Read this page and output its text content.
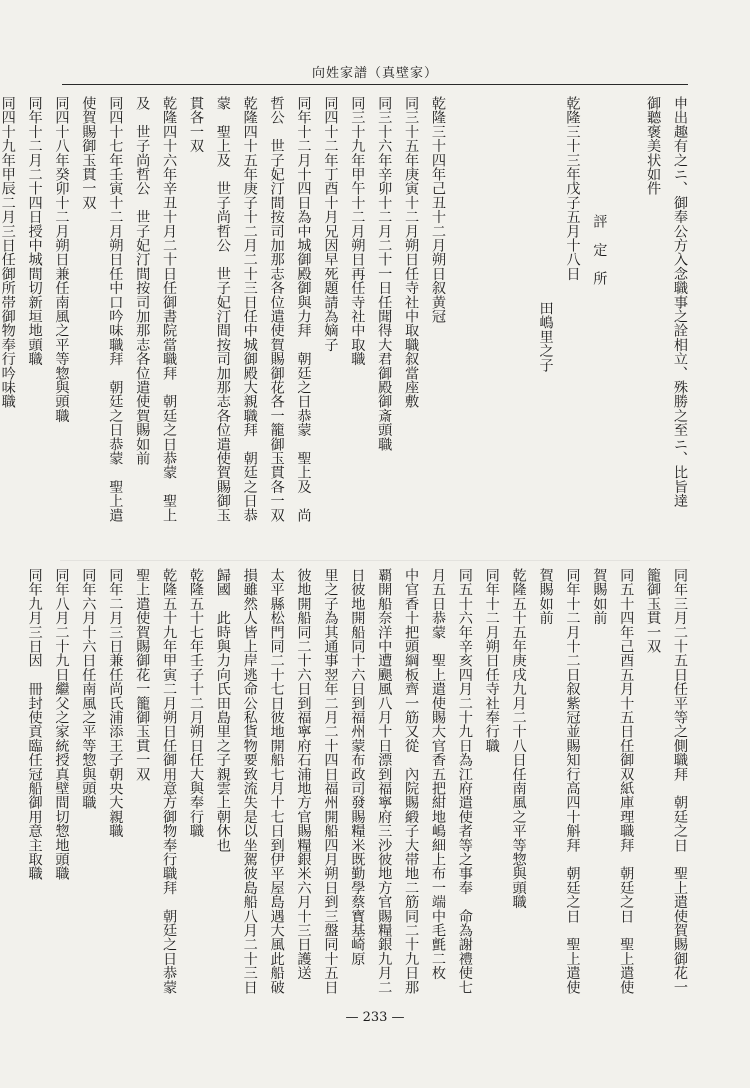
向姓家譜（真壁家）
申出趣有之ニ、御奉公方入念職事之詮相立、殊勝之至ニ、比旨達
御聽褒美状如件
評　定　所
乾隆三十三年戊子五月十八日
田嶋里之子
乾隆三十四年己丑十二月朔日叙黄冠
同三十五年庚寅十二月朔日任寺社中取職叙當座敷
同三十六年辛卯十二月二十一日任聞得大君御殿御斎頭職
同三十九年甲午十二月朔日再任寺社中取職
同四十二年丁酉十月兄因早死題請為嫡子
同年十二月十四日為中城御殿御與力拜　朝廷之日恭蒙　聖上及　尚
哲公　世子妃汀間按司加那志各位遣使賀賜御花各一籠御玉貫各一双
乾隆四十五年庚子十二月二十三日任中城御殿大親職拜　朝廷之日恭
蒙　聖上及　世子尚哲公　世子妃汀間按司加那志各位遣使賀賜御玉
貫各一双
乾隆四十六年辛丑十月二十日任御書院當職拜　朝廷之日恭蒙　聖上
及　世子尚哲公　世子妃汀間按司加那志各位遣使賀賜如前
同四十七年壬寅十二月朔日任中口吟味職拜　朝廷之日恭蒙　聖上遣
使賀賜御玉貫一双
同四十八年癸卯十二月朔日兼任南風之平等惣與頭職
同年十二月二十四日授中城間切新垣地頭職
同四十九年甲辰二月三日任御所帯御物奉行吟味職
同年三月二十五日任平等之側職拜　朝廷之日　聖上遣使賀賜御花一
籠御玉貫一双
同五十四年己酉五月十五日任御双紙庫理職拜　朝廷之日　聖上遣使
賀賜如前
同年十二月十二日叙紫冠並賜知行高四十斛拜　朝廷之日　聖上遣使
賀賜如前
乾隆五十五年庚戌九月二十八日任南風之平等惣與頭職
同年十二月朔日任寺社奉行職
同五十六年辛亥四月二十九日為江府遣使者等之事奉　命為謝禮使七
月五日恭蒙　聖上遣使賜大官香五把紺地嶋細上布一端中毛氈二枚
中官香十把頭綱板齊一筋又從　內院賜緞子大帯地二筋同二十九日那
覇開船奈洋中遭颶風八月十日漂到福寧府三沙彼地方官賜糧銀九月二
日彼地開船同十六日到福州蒙布政司發賜糧米既勤學蔡寳基崎原
里之子為其通事翌年二月二十四日福州開船四月朔日到三盤同十五日
彼地開船同二十六日到福寧府石浦地方官賜糧銀米六月十三日護送
太平縣松門同二十七日彼地開船七月十七日到伊平屋島遇大風此船破
損雖然人皆上岸逃命公私貨物要致流失是以坐駕彼島船八月二十三日
歸國　此時與力向氏田島里之子親雲上朝休也
乾隆五十七年壬子十二月朔日任大與奉行職
乾隆五十九年甲寅二月朔日任御用意方御物奉行職拜　朝廷之日恭蒙
聖上遣使賀賜御花一籠御玉貫一双
同年二月三日兼任尚氏浦添王子朝央大親職
同年六月十六日任南風之平等惣與頭職
同年八月二十九日繼父之家統授真壁間切惣地頭職
同年九月三日因　冊封使貢臨任冠船御用意主取職
— 233 —
